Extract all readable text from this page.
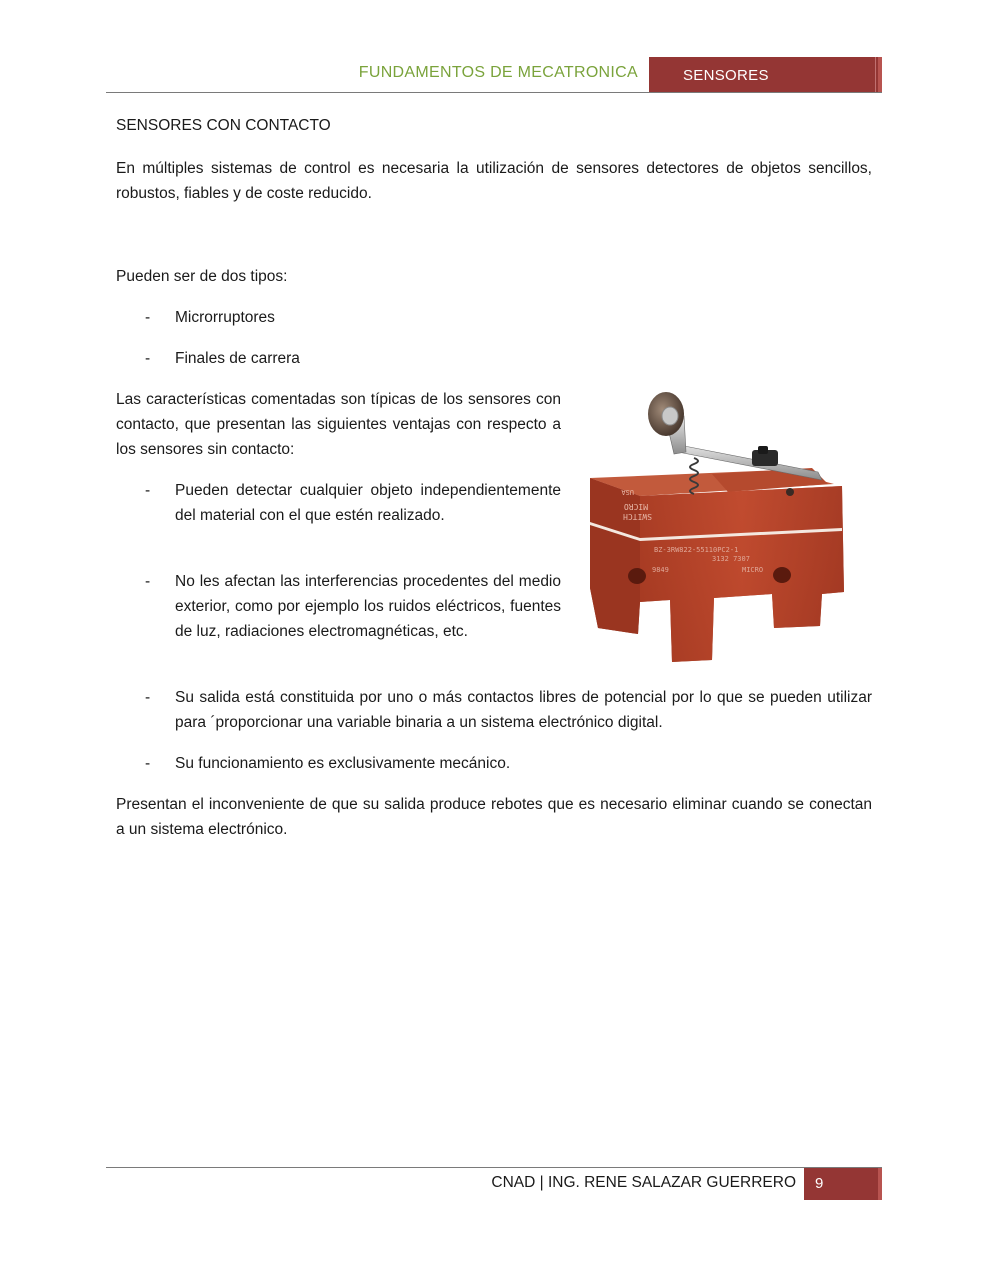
FUNDAMENTOS DE MECATRONICA	SENSORES
SENSORES CON CONTACTO
En múltiples sistemas de control es necesaria la utilización de sensores detectores de objetos sencillos, robustos, fiables y de coste reducido.
Pueden ser de dos tipos:
- Microrruptores
- Finales de carrera
Las características comentadas son típicas de los sensores con contacto, que presentan las siguientes ventajas con respecto a los sensores sin contacto:
- Pueden detectar cualquier objeto independientemente del material con el que estén realizado.
- No les afectan las interferencias procedentes del medio exterior, como por ejemplo los ruidos eléctricos, fuentes de luz, radiaciones electromagnéticas, etc.
- Su salida está constituida por uno o más contactos libres de potencial por lo que se pueden utilizar para ´proporcionar una variable binaria a un sistema electrónico digital.
- Su funcionamiento es exclusivamente mecánico.
Presentan el inconveniente de que su salida produce rebotes que es necesario eliminar cuando se conectan a un sistema electrónico.
MICRO
SWITCH
USA
BZ-3RW822-55110PC2-1
3132 7307
9849	MICRO
CNAD | ING. RENE SALAZAR GUERRERO 9
